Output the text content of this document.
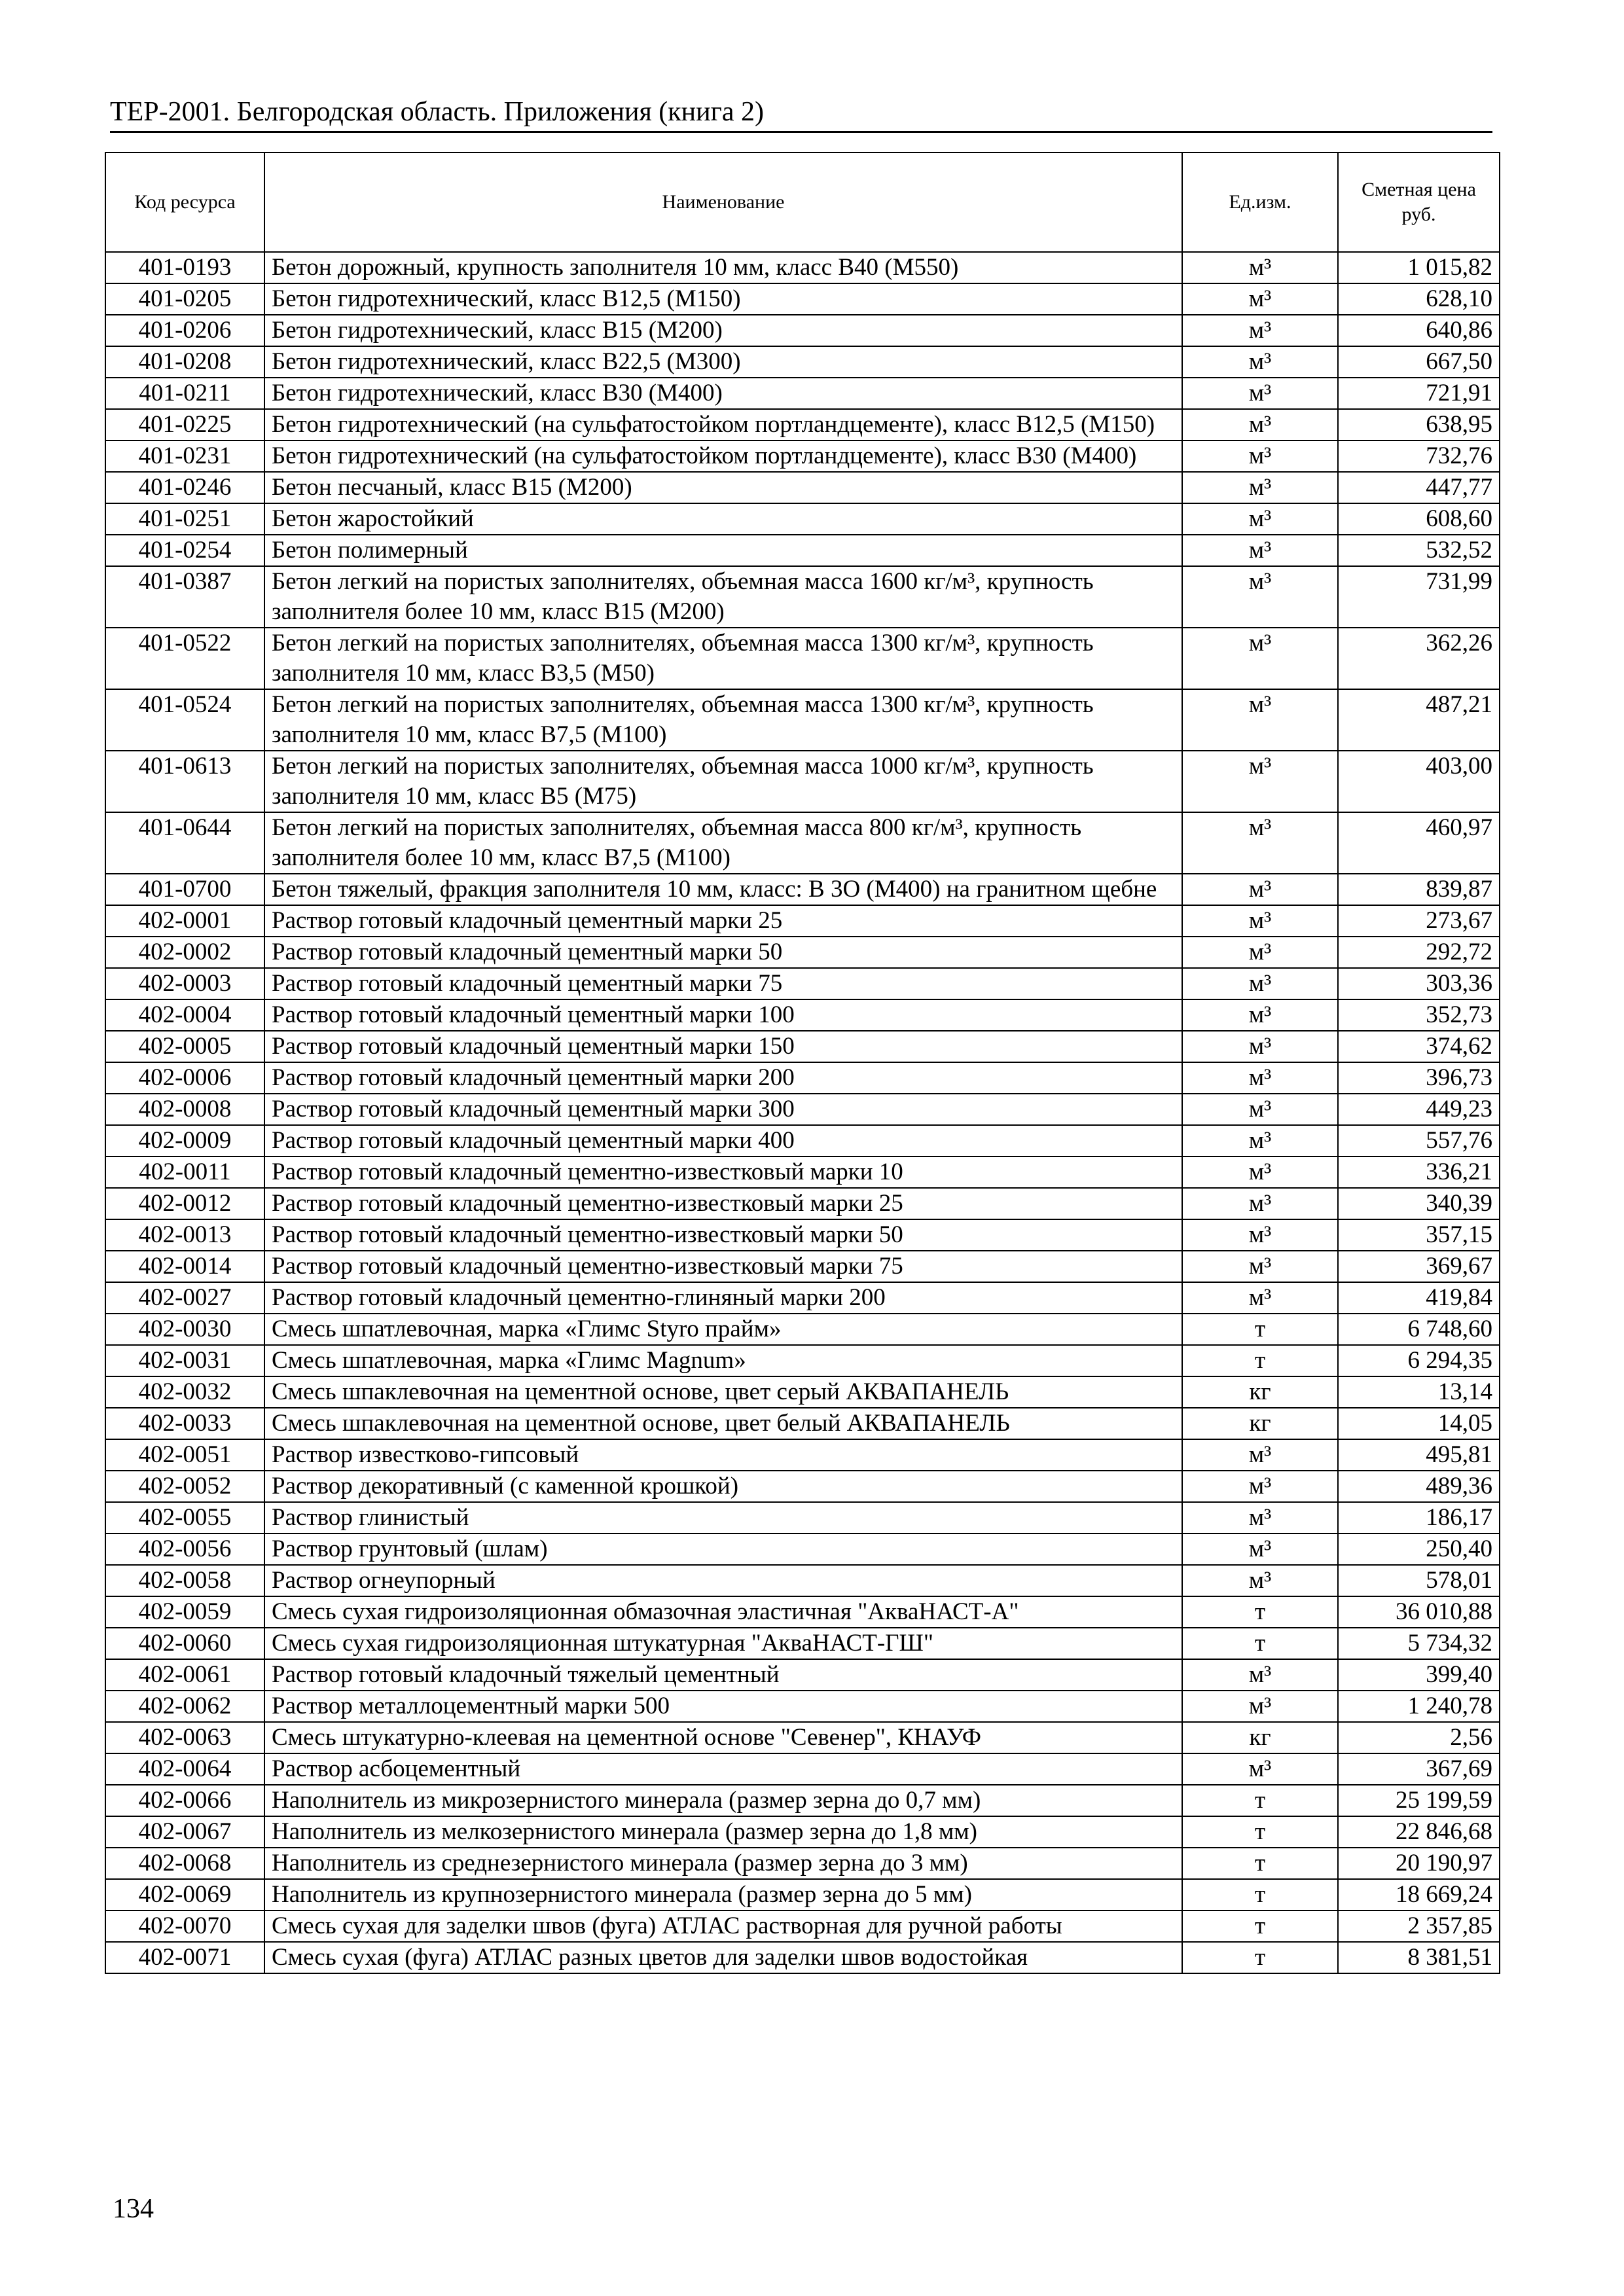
ТЕР-2001. Белгородская область. Приложения (книга 2)
Код ресурса	Наименование	Ед.изм.	Сметная цена руб.
401-0193	Бетон дорожный, крупность заполнителя 10 мм, класс В40 (М550)	м³	1 015,82
401-0205	Бетон гидротехнический, класс В12,5 (М150)	м³	628,10
401-0206	Бетон гидротехнический, класс В15 (М200)	м³	640,86
401-0208	Бетон гидротехнический, класс В22,5 (М300)	м³	667,50
401-0211	Бетон гидротехнический, класс В30 (М400)	м³	721,91
401-0225	Бетон гидротехнический (на сульфатостойком портландцементе), класс В12,5 (М150)	м³	638,95
401-0231	Бетон гидротехнический (на сульфатостойком портландцементе), класс В30 (М400)	м³	732,76
401-0246	Бетон песчаный, класс В15 (М200)	м³	447,77
401-0251	Бетон жаростойкий	м³	608,60
401-0254	Бетон полимерный	м³	532,52
401-0387	Бетон легкий на пористых заполнителях, объемная масса 1600 кг/м³, крупность заполнителя более 10 мм, класс В15 (М200)	м³	731,99
401-0522	Бетон легкий на пористых заполнителях, объемная масса 1300 кг/м³, крупность заполнителя 10 мм, класс В3,5 (М50)	м³	362,26
401-0524	Бетон легкий на пористых заполнителях, объемная масса 1300 кг/м³, крупность заполнителя 10 мм, класс В7,5 (М100)	м³	487,21
401-0613	Бетон легкий на пористых заполнителях, объемная масса 1000 кг/м³, крупность заполнителя 10 мм, класс В5 (М75)	м³	403,00
401-0644	Бетон легкий на пористых заполнителях, объемная масса 800 кг/м³, крупность заполнителя более 10 мм, класс В7,5 (М100)	м³	460,97
401-0700	Бетон тяжелый, фракция заполнителя 10 мм, класс: В 3О (М400) на гранитном щебне	м³	839,87
402-0001	Раствор готовый кладочный цементный марки 25	м³	273,67
402-0002	Раствор готовый кладочный цементный марки 50	м³	292,72
402-0003	Раствор готовый кладочный цементный марки 75	м³	303,36
402-0004	Раствор готовый кладочный цементный марки 100	м³	352,73
402-0005	Раствор готовый кладочный цементный марки 150	м³	374,62
402-0006	Раствор готовый кладочный цементный марки 200	м³	396,73
402-0008	Раствор готовый кладочный цементный марки 300	м³	449,23
402-0009	Раствор готовый кладочный цементный марки 400	м³	557,76
402-0011	Раствор готовый кладочный цементно-известковый марки 10	м³	336,21
402-0012	Раствор готовый кладочный цементно-известковый марки 25	м³	340,39
402-0013	Раствор готовый кладочный цементно-известковый марки 50	м³	357,15
402-0014	Раствор готовый кладочный цементно-известковый марки 75	м³	369,67
402-0027	Раствор готовый кладочный цементно-глиняный марки 200	м³	419,84
402-0030	Смесь шпатлевочная, марка «Глимс Styro прайм»	т	6 748,60
402-0031	Смесь шпатлевочная, марка «Глимс Magnum»	т	6 294,35
402-0032	Смесь шпаклевочная на цементной основе, цвет серый АКВАПАНЕЛЬ	кг	13,14
402-0033	Смесь шпаклевочная на цементной основе, цвет белый АКВАПАНЕЛЬ	кг	14,05
402-0051	Раствор известково-гипсовый	м³	495,81
402-0052	Раствор декоративный (с каменной крошкой)	м³	489,36
402-0055	Раствор глинистый	м³	186,17
402-0056	Раствор грунтовый (шлам)	м³	250,40
402-0058	Раствор огнеупорный	м³	578,01
402-0059	Смесь сухая гидроизоляционная обмазочная эластичная "АкваНАСТ-А"	т	36 010,88
402-0060	Смесь сухая гидроизоляционная штукатурная "АкваНАСТ-ГШ"	т	5 734,32
402-0061	Раствор готовый кладочный тяжелый цементный	м³	399,40
402-0062	Раствор металлоцементный марки 500	м³	1 240,78
402-0063	Смесь штукатурно-клеевая на цементной основе "Севенер", КНАУФ	кг	2,56
402-0064	Раствор асбоцементный	м³	367,69
402-0066	Наполнитель из микрозернистого минерала (размер зерна до 0,7 мм)	т	25 199,59
402-0067	Наполнитель из мелкозернистого минерала (размер зерна до 1,8 мм)	т	22 846,68
402-0068	Наполнитель из среднезернистого минерала (размер зерна до 3 мм)	т	20 190,97
402-0069	Наполнитель из крупнозернистого минерала (размер зерна до 5 мм)	т	18 669,24
402-0070	Смесь сухая для заделки швов (фуга) АТЛАС растворная для ручной работы	т	2 357,85
402-0071	Смесь сухая (фуга) АТЛАС разных цветов для заделки швов водостойкая	т	8 381,51
134
